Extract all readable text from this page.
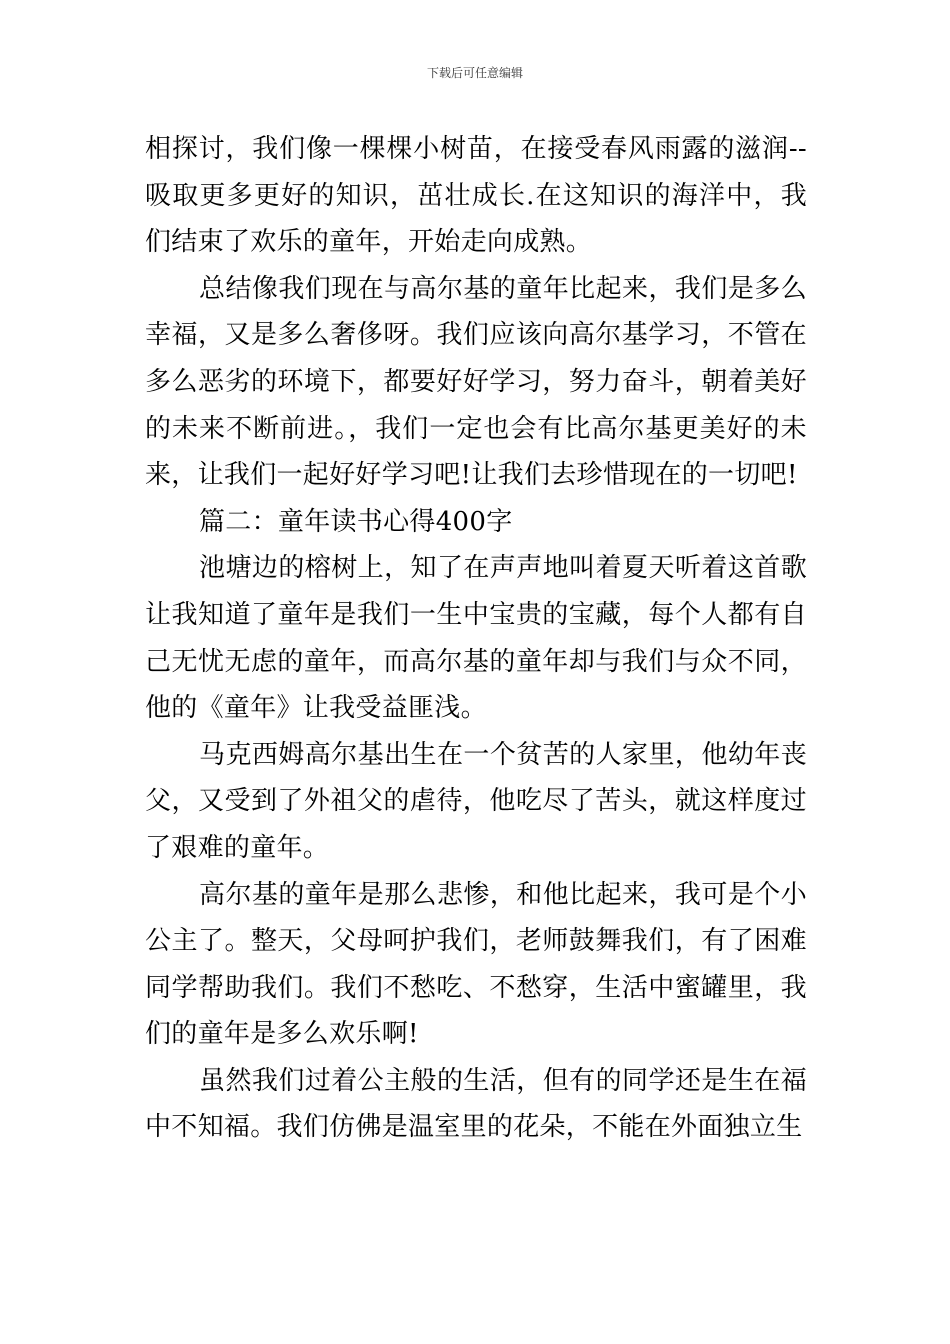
下载后可任意编辑

相探讨，我们像一棵棵小树苗，在接受春风雨露的滋润--吸取更多更好的知识，茁壮成长.在这知识的海洋中，我们结束了欢乐的童年，开始走向成熟。

总结像我们现在与高尔基的童年比起来，我们是多么幸福，又是多么奢侈呀。我们应该向高尔基学习，不管在多么恶劣的环境下，都要好好学习，努力奋斗，朝着美好的未来不断前进。，我们一定也会有比高尔基更美好的未来，让我们一起好好学习吧!让我们去珍惜现在的一切吧!

篇二：童年读书心得400字

池塘边的榕树上，知了在声声地叫着夏天听着这首歌让我知道了童年是我们一生中宝贵的宝藏，每个人都有自己无忧无虑的童年，而高尔基的童年却与我们与众不同，他的《童年》让我受益匪浅。

马克西姆高尔基出生在一个贫苦的人家里，他幼年丧父，又受到了外祖父的虐待，他吃尽了苦头，就这样度过了艰难的童年。

高尔基的童年是那么悲惨，和他比起来，我可是个小公主了。整天，父母呵护我们，老师鼓舞我们，有了困难同学帮助我们。我们不愁吃、不愁穿，生活中蜜罐里，我们的童年是多么欢乐啊!

虽然我们过着公主般的生活，但有的同学还是生在福中不知福。我们仿佛是温室里的花朵，不能在外面独立生
